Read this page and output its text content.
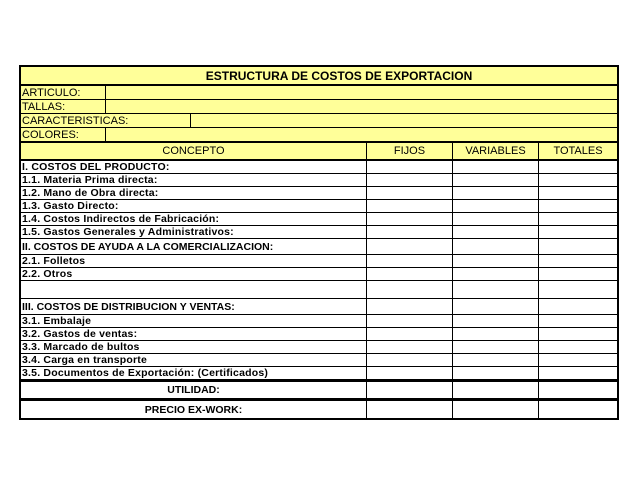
ESTRUCTURA DE COSTOS DE EXPORTACION
ARTICULO:
TALLAS:
CARACTERISTICAS:
COLORES:
CONCEPTO	FIJOS	VARIABLES	TOTALES
I. COSTOS DEL PRODUCTO:
1.1. Materia Prima directa:
1.2. Mano de Obra directa:
1.3. Gasto Directo:
1.4. Costos Indirectos de Fabricación:
1.5. Gastos Generales y Administrativos:
II. COSTOS DE AYUDA A LA COMERCIALIZACION:
2.1. Folletos
2.2. Otros
III. COSTOS DE DISTRIBUCION Y VENTAS:
3.1. Embalaje
3.2. Gastos de ventas:
3.3. Marcado de bultos
3.4. Carga en transporte
3.5. Documentos de Exportación: (Certificados)
UTILIDAD:
PRECIO EX-WORK:
